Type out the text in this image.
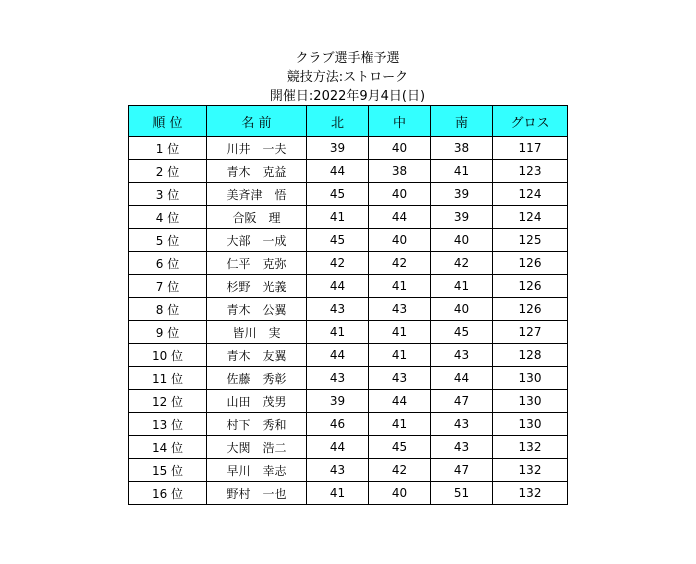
クラブ選手権予選
競技方法:ストローク
開催日:2022年9月4日(日)
順 位	名 前	北	中	南	グロス
1 位	川井　一夫	39	40	38	117
2 位	青木　克益	44	38	41	123
3 位	美斉津　悟	45	40	39	124
4 位	合阪　理	41	44	39	124
5 位	大部　一成	45	40	40	125
6 位	仁平　克弥	42	42	42	126
7 位	杉野　光義	44	41	41	126
8 位	青木　公翼	43	43	40	126
9 位	皆川　実	41	41	45	127
10 位	青木　友翼	44	41	43	128
11 位	佐藤　秀彰	43	43	44	130
12 位	山田　茂男	39	44	47	130
13 位	村下　秀和	46	41	43	130
14 位	大関　浩二	44	45	43	132
15 位	早川　幸志	43	42	47	132
16 位	野村　一也	41	40	51	132
